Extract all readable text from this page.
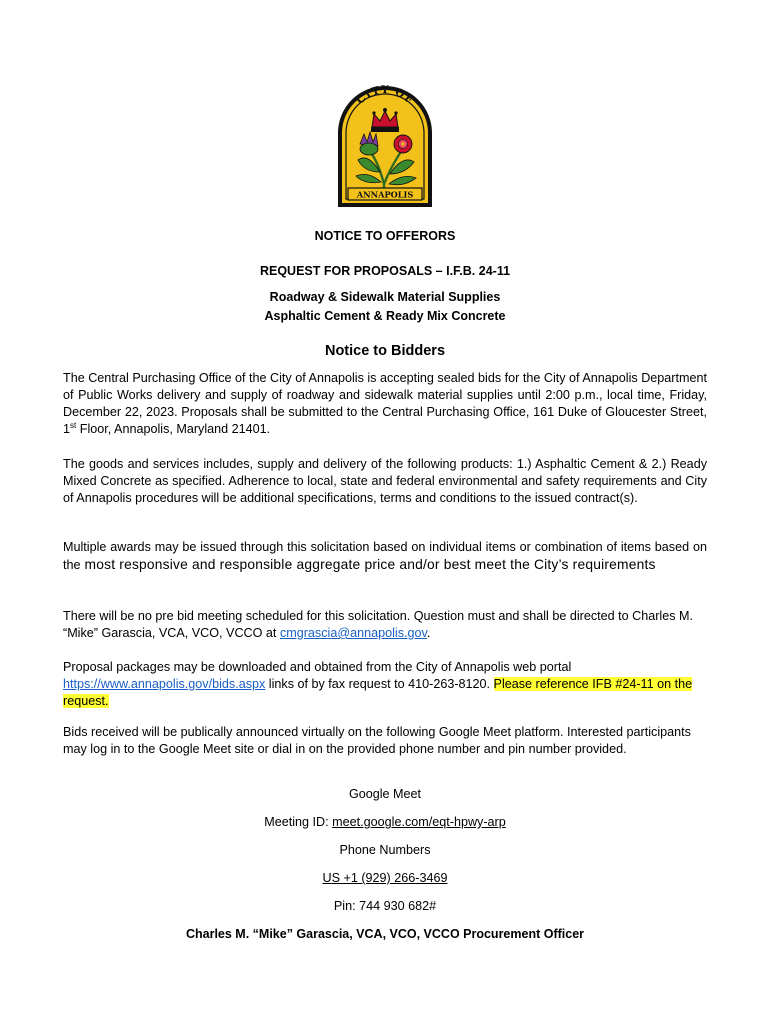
CITY OF
ANNAPOLIS
NOTICE TO OFFERORS
REQUEST FOR PROPOSALS – I.F.B. 24-11
Roadway & Sidewalk Material Supplies
Asphaltic Cement & Ready Mix Concrete
Notice to Bidders
The Central Purchasing Office of the City of Annapolis is accepting sealed bids for the City of Annapolis Department of Public Works delivery and supply of roadway and sidewalk material supplies until 2:00 p.m., local time, Friday, December 22, 2023. Proposals shall be submitted to the Central Purchasing Office, 161 Duke of Gloucester Street, 1st Floor, Annapolis, Maryland 21401.
The goods and services includes, supply and delivery of the following products: 1.) Asphaltic Cement & 2.) Ready Mixed Concrete as specified. Adherence to local, state and federal environmental and safety requirements and City of Annapolis procedures will be additional specifications, terms and conditions to the issued contract(s).
Multiple awards may be issued through this solicitation based on individual items or combination of items based on the most responsive and responsible aggregate price and/or best meet the City’s requirements
There will be no pre bid meeting scheduled for this solicitation. Question must and shall be directed to Charles M. “Mike” Garascia, VCA, VCO, VCCO at cmgrascia@annapolis.gov.
Proposal packages may be downloaded and obtained from the City of Annapolis web portal https://www.annapolis.gov/bids.aspx links of by fax request to 410-263-8120. Please reference IFB #24-11 on the request.
Bids received will be publically announced virtually on the following Google Meet platform. Interested participants may log in to the Google Meet site or dial in on the provided phone number and pin number provided.
Google Meet
Meeting ID: meet.google.com/eqt-hpwy-arp
Phone Numbers
US +1 (929) 266-3469
Pin: 744 930 682#
Charles M. “Mike” Garascia, VCA, VCO, VCCO Procurement Officer
